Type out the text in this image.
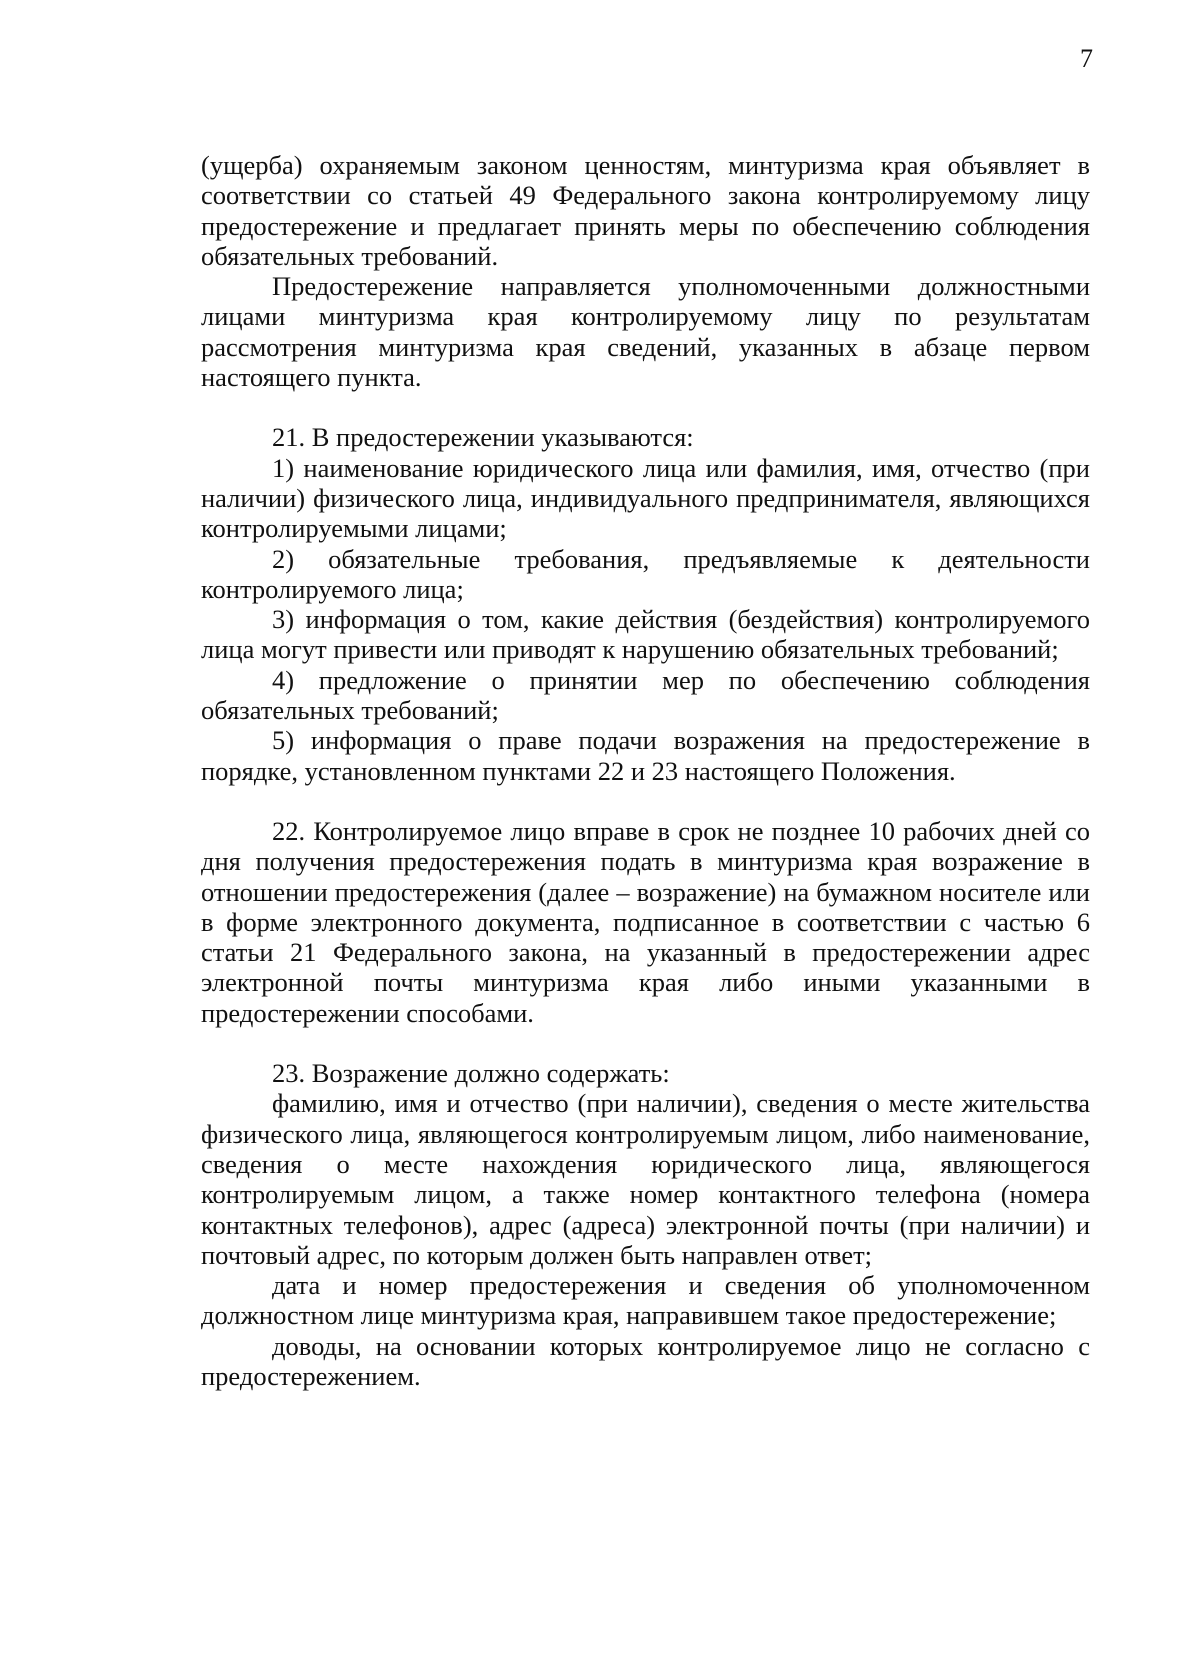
7

(ущерба) охраняемым законом ценностям, минтуризма края объявляет в соответствии со статьей 49 Федерального закона контролируемому лицу предостережение и предлагает принять меры по обеспечению соблюдения обязательных требований.

Предостережение направляется уполномоченными должностными лицами минтуризма края контролируемому лицу по результатам рассмотрения минтуризма края сведений, указанных в абзаце первом настоящего пункта.

21. В предостережении указываются:

1) наименование юридического лица или фамилия, имя, отчество (при наличии) физического лица, индивидуального предпринимателя, являющихся контролируемыми лицами;

2) обязательные требования, предъявляемые к деятельности контролируемого лица;

3) информация о том, какие действия (бездействия) контролируемого лица могут привести или приводят к нарушению обязательных требований;

4) предложение о принятии мер по обеспечению соблюдения обязательных требований;

5) информация о праве подачи возражения на предостережение в порядке, установленном пунктами 22 и 23 настоящего Положения.

22. Контролируемое лицо вправе в срок не позднее 10 рабочих дней со дня получения предостережения подать в минтуризма края возражение в отношении предостережения (далее – возражение) на бумажном носителе или в форме электронного документа, подписанное в соответствии с частью 6 статьи 21 Федерального закона, на указанный в предостережении адрес электронной почты минтуризма края либо иными указанными в предостережении способами.

23. Возражение должно содержать:

фамилию, имя и отчество (при наличии), сведения о месте жительства физического лица, являющегося контролируемым лицом, либо наименование, сведения о месте нахождения юридического лица, являющегося контролируемым лицом, а также номер контактного телефона (номера контактных телефонов), адрес (адреса) электронной почты (при наличии) и почтовый адрес, по которым должен быть направлен ответ;

дата и номер предостережения и сведения об уполномоченном должностном лице минтуризма края, направившем такое предостережение;

доводы, на основании которых контролируемое лицо не согласно с предостережением.
